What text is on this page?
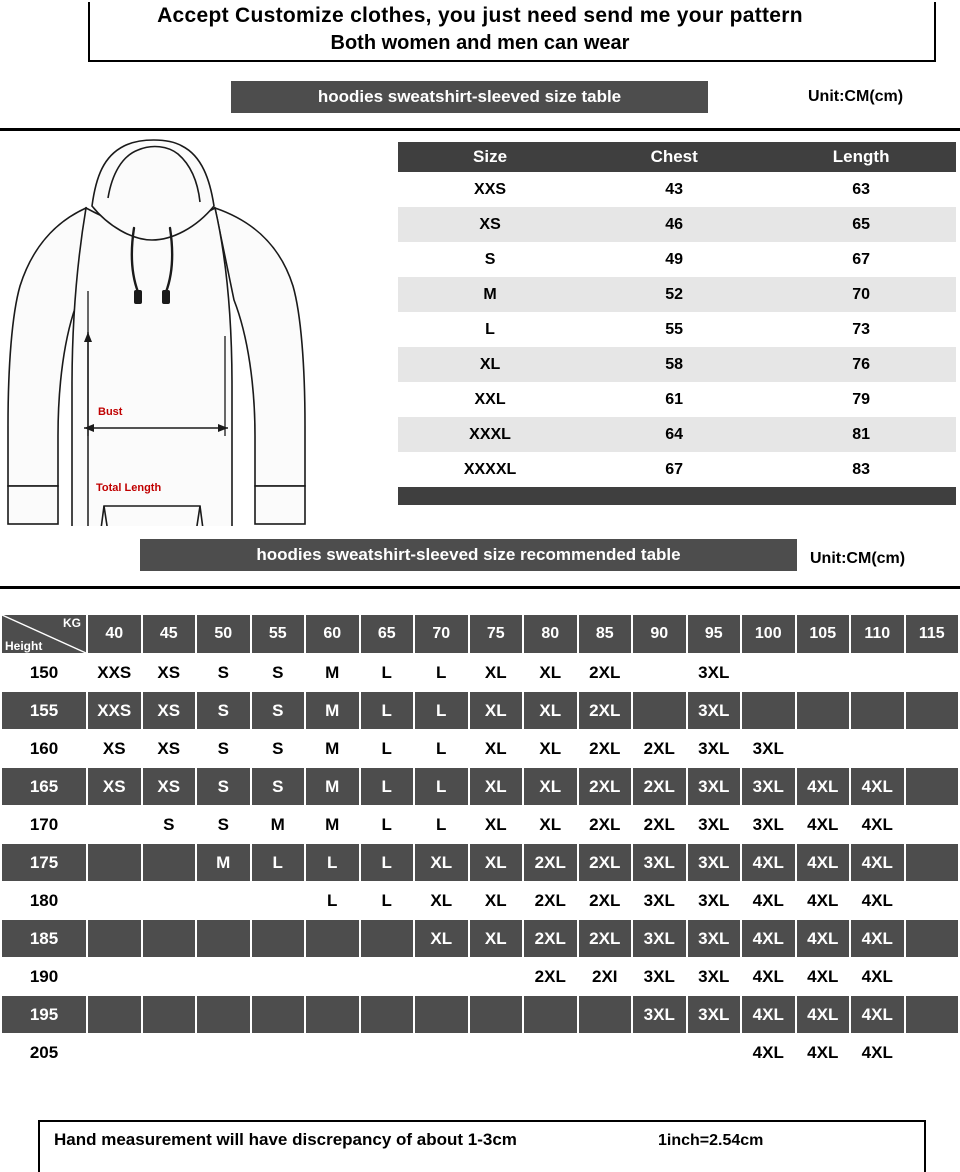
Accept Customize clothes, you just need send me your pattern
Both women and men can wear
hoodies sweatshirt-sleeved size table	Unit:CM(cm)
Bust
Total Length
Size	Chest	Length
XXS	43	63
XS	46	65
S	49	67
M	52	70
L	55	73
XL	58	76
XXL	61	79
XXXL	64	81
XXXXL	67	83

hoodies sweatshirt-sleeved size recommended table	Unit:CM(cm)
KG
Height	40	45	50	55	60	65	70	75	80	85	90	95	100	105	110	115
150	XXS	XS	S	S	M	L	L	XL	XL	2XL		3XL				
155	XXS	XS	S	S	M	L	L	XL	XL	2XL		3XL				
160	XS	XS	S	S	M	L	L	XL	XL	2XL	2XL	3XL	3XL			
165	XS	XS	S	S	M	L	L	XL	XL	2XL	2XL	3XL	3XL	4XL	4XL	
170		S	S	M	M	L	L	XL	XL	2XL	2XL	3XL	3XL	4XL	4XL	
175			M	L	L	L	XL	XL	2XL	2XL	3XL	3XL	4XL	4XL	4XL	
180					L	L	XL	XL	2XL	2XL	3XL	3XL	4XL	4XL	4XL	
185							XL	XL	2XL	2XL	3XL	3XL	4XL	4XL	4XL	
190									2XL	2XI	3XL	3XL	4XL	4XL	4XL	
195											3XL	3XL	4XL	4XL	4XL	
205													4XL	4XL	4XL	
Hand measurement will have discrepancy of about 1-3cm	1inch=2.54cm
